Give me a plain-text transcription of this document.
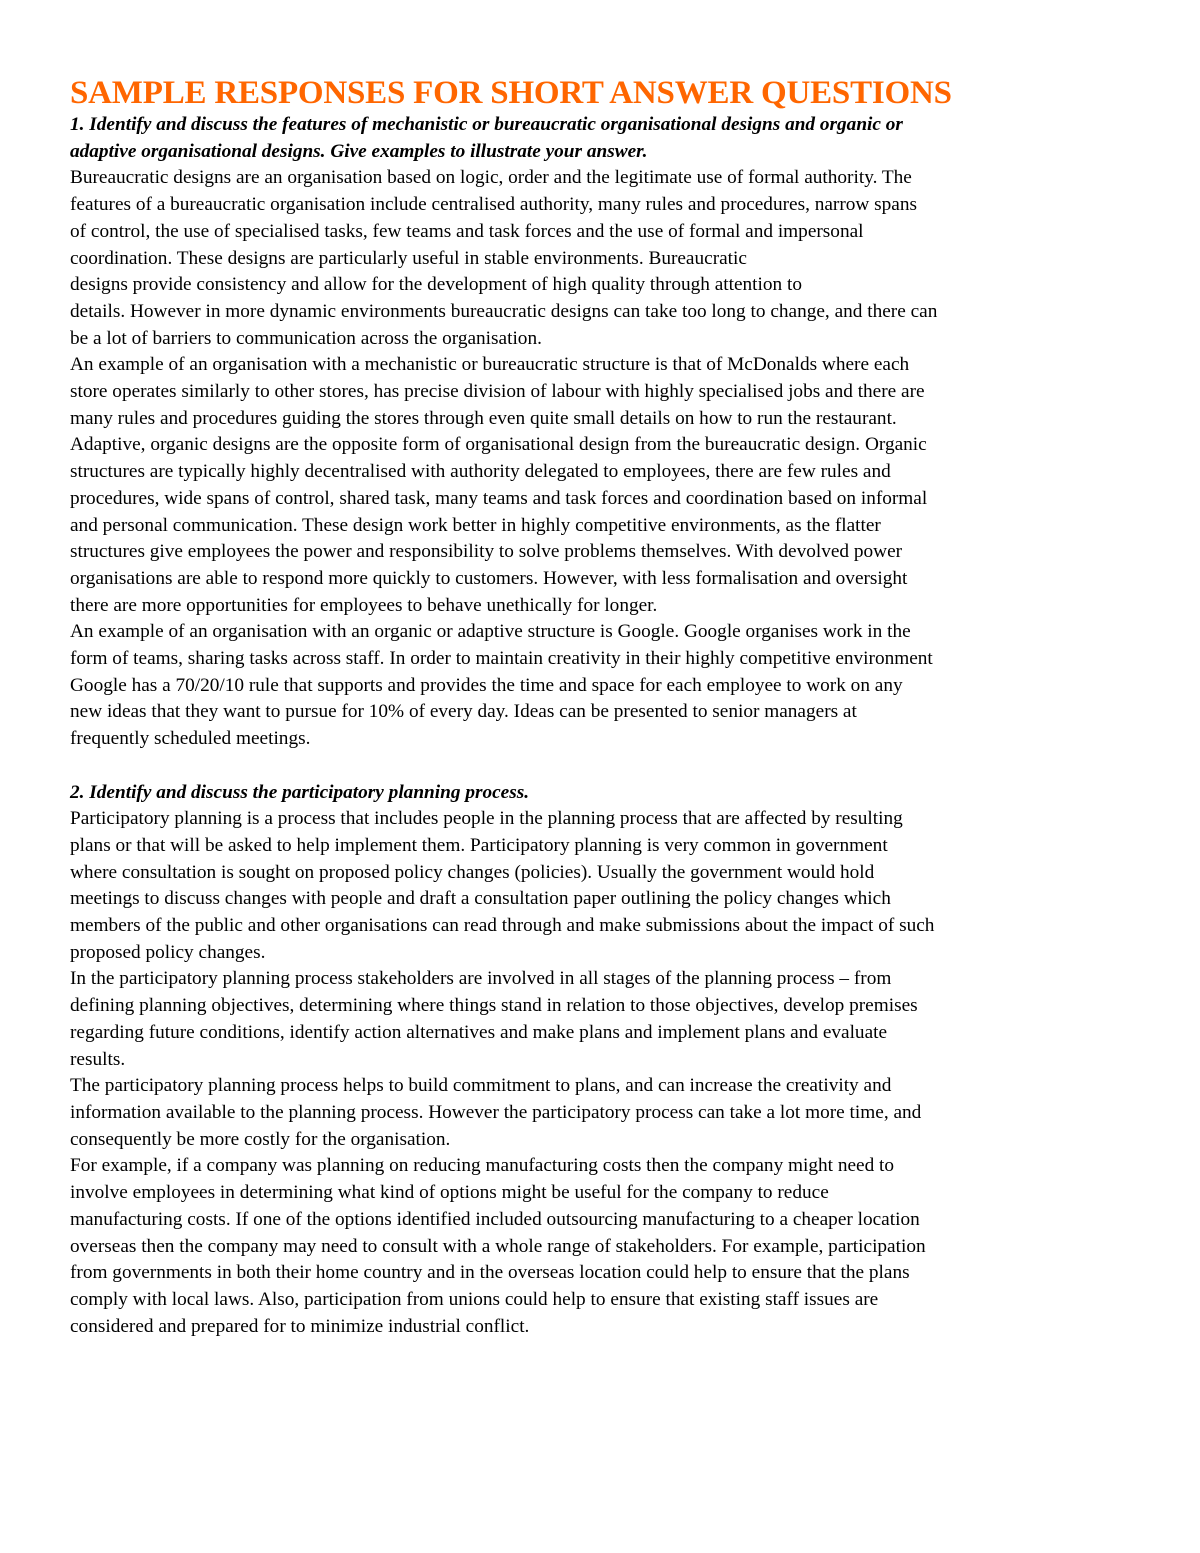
SAMPLE RESPONSES FOR SHORT ANSWER QUESTIONS
1. Identify and discuss the features of mechanistic or bureaucratic organisational designs and organic or
adaptive organisational designs. Give examples to illustrate your answer.
Bureaucratic designs are an organisation based on logic, order and the legitimate use of formal authority. The
features of a bureaucratic organisation include centralised authority, many rules and procedures, narrow spans
of control, the use of specialised tasks, few teams and task forces and the use of formal and impersonal
coordination. These designs are particularly useful in stable environments. Bureaucratic
designs provide consistency and allow for the development of high quality through attention to
details. However in more dynamic environments bureaucratic designs can take too long to change, and there can
be a lot of barriers to communication across the organisation.
An example of an organisation with a mechanistic or bureaucratic structure is that of McDonalds where each
store operates similarly to other stores, has precise division of labour with highly specialised jobs and there are
many rules and procedures guiding the stores through even quite small details on how to run the restaurant.
Adaptive, organic designs are the opposite form of organisational design from the bureaucratic design. Organic
structures are typically highly decentralised with authority delegated to employees, there are few rules and
procedures, wide spans of control, shared task, many teams and task forces and coordination based on informal
and personal communication. These design work better in highly competitive environments, as the flatter
structures give employees the power and responsibility to solve problems themselves. With devolved power
organisations are able to respond more quickly to customers. However, with less formalisation and oversight
there are more opportunities for employees to behave unethically for longer.
An example of an organisation with an organic or adaptive structure is Google. Google organises work in the
form of teams, sharing tasks across staff. In order to maintain creativity in their highly competitive environment
Google has a 70/20/10 rule that supports and provides the time and space for each employee to work on any
new ideas that they want to pursue for 10% of every day. Ideas can be presented to senior managers at
frequently scheduled meetings.
2. Identify and discuss the participatory planning process.
Participatory planning is a process that includes people in the planning process that are affected by resulting
plans or that will be asked to help implement them. Participatory planning is very common in government
where consultation is sought on proposed policy changes (policies). Usually the government would hold
meetings to discuss changes with people and draft a consultation paper outlining the policy changes which
members of the public and other organisations can read through and make submissions about the impact of such
proposed policy changes.
In the participatory planning process stakeholders are involved in all stages of the planning process – from
defining planning objectives, determining where things stand in relation to those objectives, develop premises
regarding future conditions, identify action alternatives and make plans and implement plans and evaluate
results.
The participatory planning process helps to build commitment to plans, and can increase the creativity and
information available to the planning process. However the participatory process can take a lot more time, and
consequently be more costly for the organisation.
For example, if a company was planning on reducing manufacturing costs then the company might need to
involve employees in determining what kind of options might be useful for the company to reduce
manufacturing costs. If one of the options identified included outsourcing manufacturing to a cheaper location
overseas then the company may need to consult with a whole range of stakeholders. For example, participation
from governments in both their home country and in the overseas location could help to ensure that the plans
comply with local laws. Also, participation from unions could help to ensure that existing staff issues are
considered and prepared for to minimize industrial conflict.
